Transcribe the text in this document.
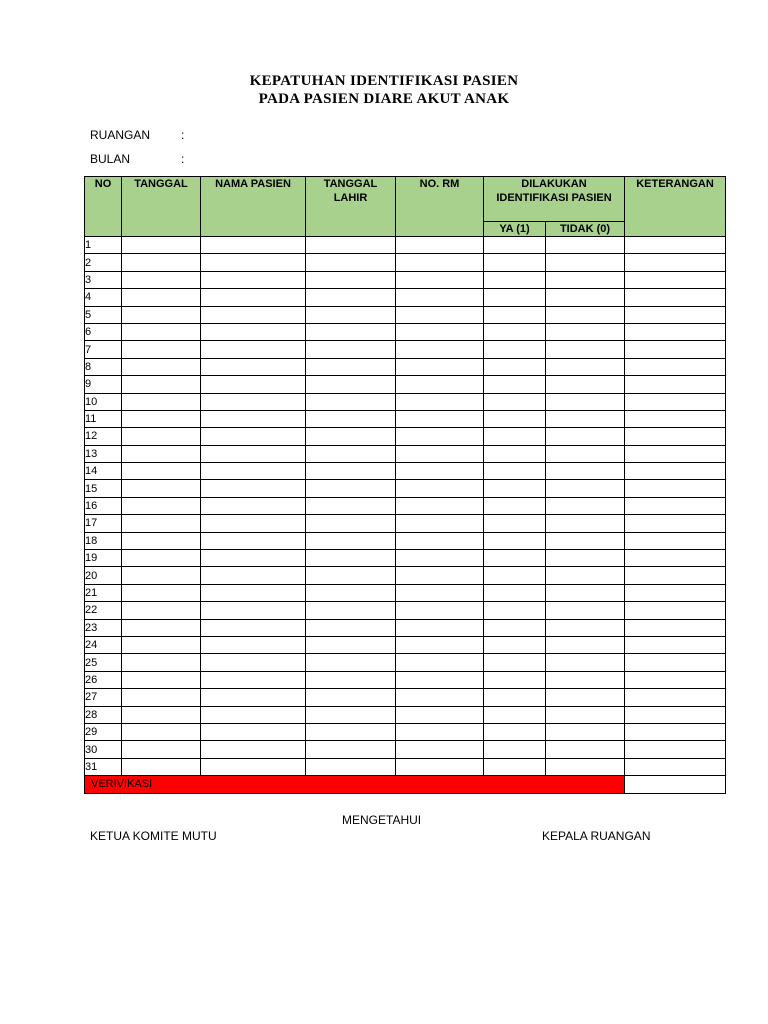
KEPATUHAN IDENTIFIKASI PASIEN
PADA PASIEN DIARE AKUT ANAK
RUANGAN	:
BULAN	:
NO	TANGGAL	NAMA PASIEN	TANGGAL LAHIR	NO. RM	DILAKUKAN IDENTIFIKASI PASIEN		KETERANGAN
					YA (1)	TIDAK (0)	
1							
2							
3							
4							
5							
6							
7							
8							
9							
10							
11							
12							
13							
14							
15							
16							
17							
18							
19							
20							
21							
22							
23							
24							
25							
26							
27							
28							
29							
30							
31							
VERIVIKASI							
MENGETAHUI
KETUA KOMITE MUTU	KEPALA RUANGAN
